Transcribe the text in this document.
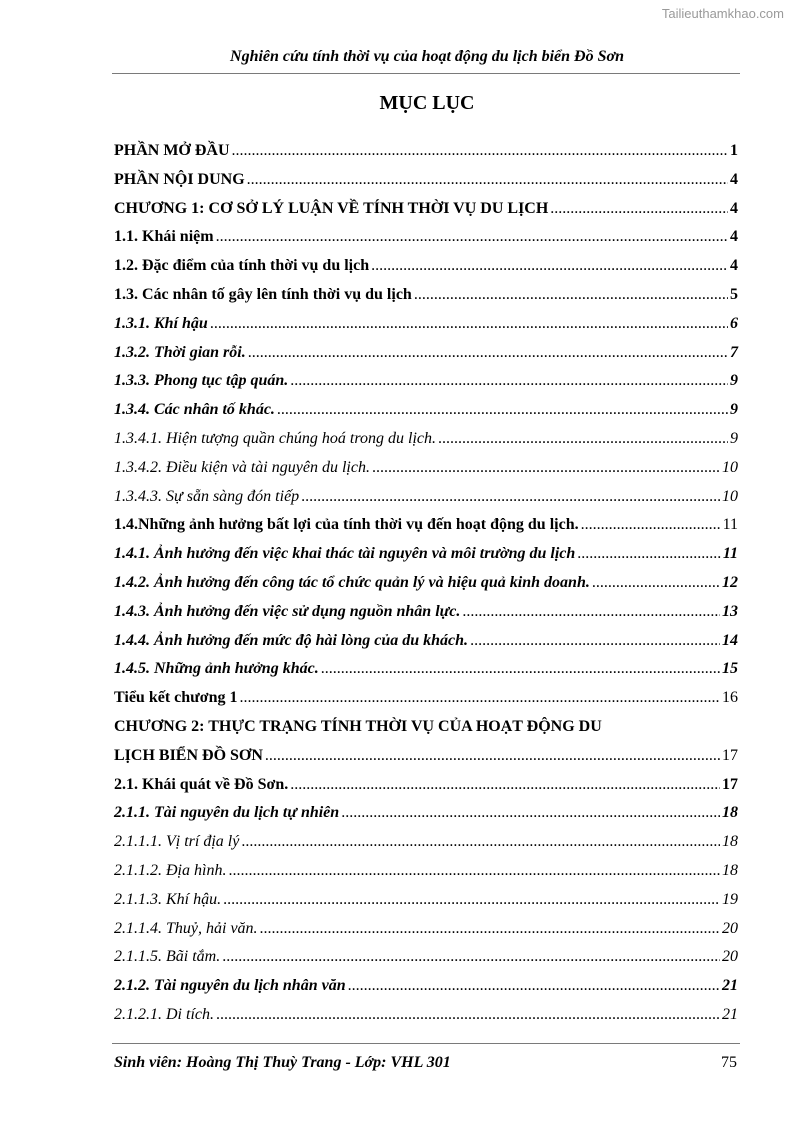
Tailieuthamkhao.com
Nghiên cứu tính thời vụ của hoạt động du lịch biển Đồ Sơn
MỤC LỤC
PHẦN MỞ ĐẦU .....	1
PHẦN NỘI DUNG .....	4
CHƯƠNG 1: CƠ SỞ LÝ LUẬN VỀ TÍNH THỜI VỤ DU LỊCH .....	4
1.1. Khái niệm .....	4
1.2. Đặc điểm của tính thời vụ du lịch .....	4
1.3. Các nhân tố gây lên tính thời vụ du lịch .....	5
1.3.1. Khí hậu .....	6
1.3.2. Thời gian rỗi. .....	7
1.3.3. Phong tục tập quán. .....	9
1.3.4. Các nhân tố khác. .....	9
1.3.4.1. Hiện tượng quần chúng hoá trong du lịch. .....	9
1.3.4.2. Điều kiện và tài nguyên du lịch. .....	10
1.3.4.3. Sự sẵn sàng đón tiếp .....	10
1.4.Những ảnh hưởng bất lợi của tính thời vụ đến hoạt động du lịch. .....	11
1.4.1. Ảnh hưởng đến việc khai thác tài nguyên và môi trường du lịch .....	11
1.4.2. Ảnh hưởng đến công tác tổ chức quản lý và hiệu quả kinh doanh. .....	12
1.4.3. Ảnh hưởng đến việc sử dụng nguồn nhân lực. .....	13
1.4.4. Ảnh hưởng đến mức độ hài lòng của du khách. .....	14
1.4.5. Những ảnh hưởng khác. .....	15
Tiểu kết chương 1 .....	16
CHƯƠNG 2: THỰC TRẠNG TÍNH THỜI VỤ CỦA HOẠT ĐỘNG DU
LỊCH BIỂN ĐỒ SƠN .....	17
2.1. Khái quát về Đồ Sơn. .....	17
2.1.1. Tài nguyên du lịch tự nhiên .....	18
2.1.1.1. Vị trí địa lý .....	18
2.1.1.2. Địa hình. .....	18
2.1.1.3. Khí hậu. .....	19
2.1.1.4. Thuỷ, hải văn. .....	20
2.1.1.5. Bãi tắm. .....	20
2.1.2. Tài nguyên du lịch nhân văn .....	21
2.1.2.1. Di tích. .....	21
Sinh viên: Hoàng Thị Thuỳ Trang - Lớp: VHL 301	75
